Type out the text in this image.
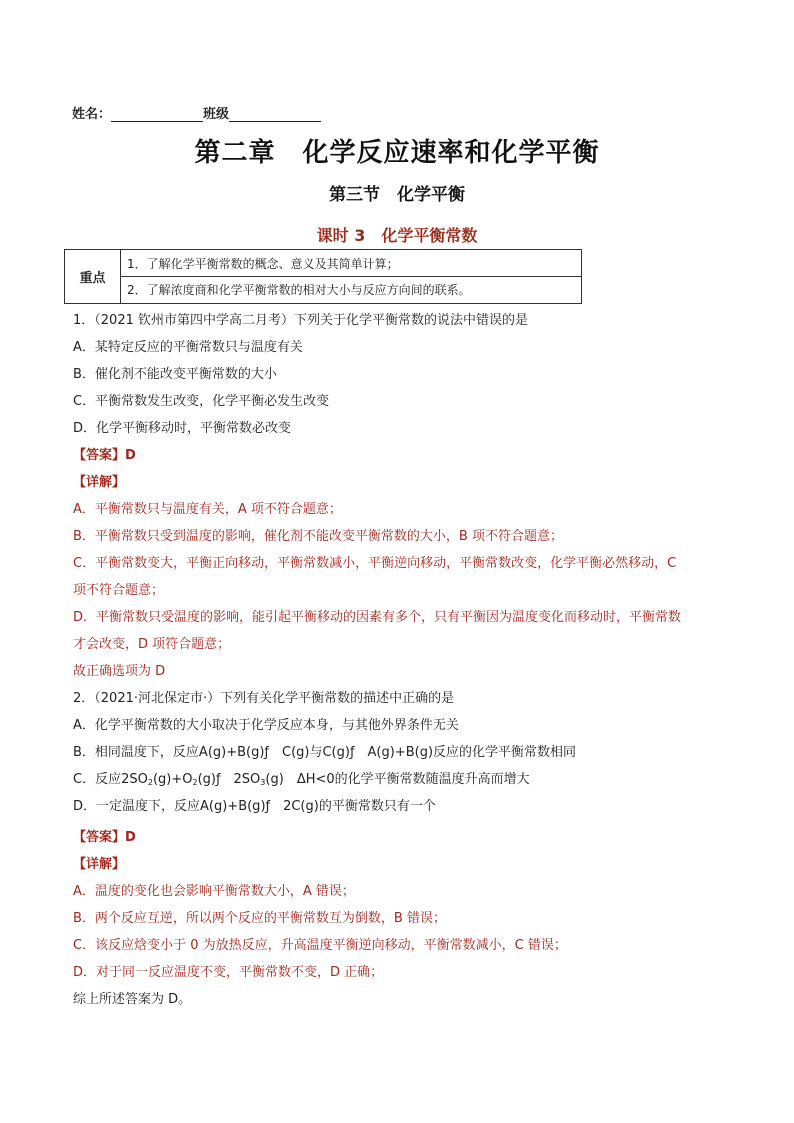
姓名：	班级
第二章　化学反应速率和化学平衡
第三节　化学平衡
课时 3　化学平衡常数
重点
1．了解化学平衡常数的概念、意义及其简单计算；
2．了解浓度商和化学平衡常数的相对大小与反应方向间的联系。
1．（2021 钦州市第四中学高二月考）下列关于化学平衡常数的说法中错误的是
A．某特定反应的平衡常数只与温度有关
B．催化剂不能改变平衡常数的大小
C．平衡常数发生改变，化学平衡必发生改变
D．化学平衡移动时，平衡常数必改变
【答案】D
【详解】
A．平衡常数只与温度有关，A 项不符合题意；
B．平衡常数只受到温度的影响，催化剂不能改变平衡常数的大小，B 项不符合题意；
C．平衡常数变大，平衡正向移动，平衡常数减小，平衡逆向移动，平衡常数改变，化学平衡必然移动，C
项不符合题意；
D．平衡常数只受温度的影响，能引起平衡移动的因素有多个，只有平衡因为温度变化而移动时，平衡常数
才会改变，D 项符合题意；
故正确选项为 D
2．（2021·河北保定市·）下列有关化学平衡常数的描述中正确的是
A．化学平衡常数的大小取决于化学反应本身，与其他外界条件无关
B．相同温度下，反应A(g)+B(g)ƒ　C(g)与C(g)ƒ　A(g)+B(g)反应的化学平衡常数相同
C．反应$2SO_2(g)+O_2(g)ƒ$　$2SO_3(g)$　 ΔH<0的化学平衡常数随温度升高而增大
D．一定温度下，反应A(g)+B(g)ƒ　2C(g)的平衡常数只有一个
【答案】D
【详解】
A．温度的变化也会影响平衡常数大小，A 错误；
B．两个反应互逆，所以两个反应的平衡常数互为倒数，B 错误；
C．该反应焓变小于 0 为放热反应，升高温度平衡逆向移动，平衡常数减小，C 错误；
D．对于同一反应温度不变，平衡常数不变，D 正确；
综上所述答案为 D。
